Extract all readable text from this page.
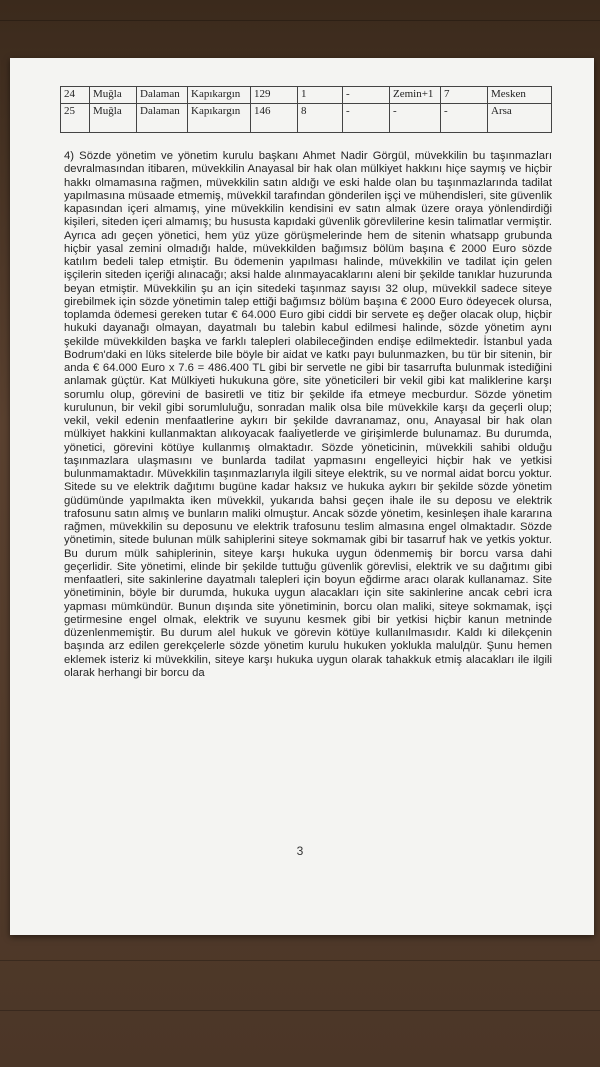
24	Muğla	Dalaman	Kapıkargın	129	1	-	Zemin+1	7	Mesken
25	Muğla	Dalaman	Kapıkargın	146	8	-	-	-	Arsa
4) Sözde yönetim ve yönetim kurulu başkanı Ahmet Nadir Görgül, müvekkilin bu taşınmazları devralmasından itibaren, müvekkilin Anayasal bir hak olan mülkiyet hakkını hiçe saymış ve hiçbir hakkı olmamasına rağmen, müvekkilin satın aldığı ve eski halde olan bu taşınmazlarında tadilat yapılmasına müsaade etmemiş, müvekkil tarafından gönderilen işçi ve mühendisleri, site güvenlik kapasından içeri almamış, yine müvekkilin kendisini ev satın almak üzere oraya yönlendirdiği kişileri, siteden içeri almamış; bu hususta kapıdaki güvenlik görevlilerine kesin talimatlar vermiştir. Ayrıca adı geçen yönetici, hem yüz yüze görüşmelerinde hem de sitenin whatsapp grubunda hiçbir yasal zemini olmadığı halde, müvekkilden bağımsız bölüm başına € 2000 Euro sözde katılım bedeli talep etmiştir. Bu ödemenin yapılması halinde, müvekkilin ve tadilat için gelen işçilerin siteden içeriği alınacağı; aksi halde alınmayacaklarını aleni bir şekilde tanıklar huzurunda beyan etmiştir. Müvekkilin şu an için sitedeki taşınmaz sayısı 32 olup, müvekkil sadece siteye girebilmek için sözde yönetimin talep ettiği bağımsız bölüm başına € 2000 Euro ödeyecek olursa, toplamda ödemesi gereken tutar € 64.000 Euro gibi ciddi bir servete eş değer olacak olup, hiçbir hukuki dayanağı olmayan, dayatmalı bu talebin kabul edilmesi halinde, sözde yönetim aynı şekilde müvekkilden başka ve farklı talepleri olabileceğinden endişe edilmektedir. İstanbul yada Bodrum'daki en lüks sitelerde bile böyle bir aidat ve katkı payı bulunmazken, bu tür bir sitenin, bir anda € 64.000 Euro x 7.6 = 486.400 TL gibi bir servetle ne gibi bir tasarrufta bulunmak istediğini anlamak güçtür. Kat Mülkiyeti hukukuna göre, site yöneticileri bir vekil gibi kat maliklerine karşı sorumlu olup, görevini de basiretli ve titiz bir şekilde ifa etmeye mecburdur. Sözde yönetim kurulunun, bir vekil gibi sorumluluğu, sonradan malik olsa bile müvekkile karşı da geçerli olup; vekil, vekil edenin menfaatlerine aykırı bir şekilde davranamaz, onu, Anayasal bir hak olan mülkiyet hakkini kullanmaktan alıkoyacak faaliyetlerde ve girişimlerde bulunamaz. Bu durumda, yönetici, görevini kötüye kullanmış olmaktadır. Sözde yöneticinin, müvekkili sahibi olduğu taşınmazlara ulaşmasını ve bunlarda tadilat yapmasını engelleyici hiçbir hak ve yetkisi bulunmamaktadır. Müvekkilin taşınmazlarıyla ilgili siteye elektrik, su ve normal aidat borcu yoktur. Sitede su ve elektrik dağıtımı bugüne kadar haksız ve hukuka aykırı bir şekilde sözde yönetim güdümünde yapılmakta iken müvekkil, yukarıda bahsi geçen ihale ile su deposu ve elektrik trafosunu satın almış ve bunların maliki olmuştur. Ancak sözde yönetim, kesinleşen ihale kararına rağmen, müvekkilin su deposunu ve elektrik trafosunu teslim almasına engel olmaktadır. Sözde yönetimin, sitede bulunan mülk sahiplerini siteye sokmamak gibi bir tasarruf hak ve yetkis yoktur. Bu durum mülk sahiplerinin, siteye karşı hukuka uygun ödenmemiş bir borcu varsa dahi geçerlidir. Site yönetimi, elinde bir şekilde tuttuğu güvenlik görevlisi, elektrik ve su dağıtımı gibi menfaatleri, site sakinlerine dayatmalı talepleri için boyun eğdirme aracı olarak kullanamaz. Site yönetiminin, böyle bir durumda, hukuka uygun alacakları için site sakinlerine ancak cebri icra yapması mümkündür. Bunun dışında site yönetiminin, borcu olan maliki, siteye sokmamak, işçi getirmesine engel olmak, elektrik ve suyunu kesmek gibi bir yetkisi hiçbir kanun metninde düzenlenmemiştir. Bu durum alel hukuk ve görevin kötüye kullanılmasıdır. Kaldı ki dilekçenin başında arz edilen gerekçelerle sözde yönetim kurulu hukuken yoklukla malulдür. Şunu hemen eklemek isteriz ki müvekkilin, siteye karşı hukuka uygun olarak tahakkuk etmiş alacakları ile ilgili olarak herhangi bir borcu da
3
